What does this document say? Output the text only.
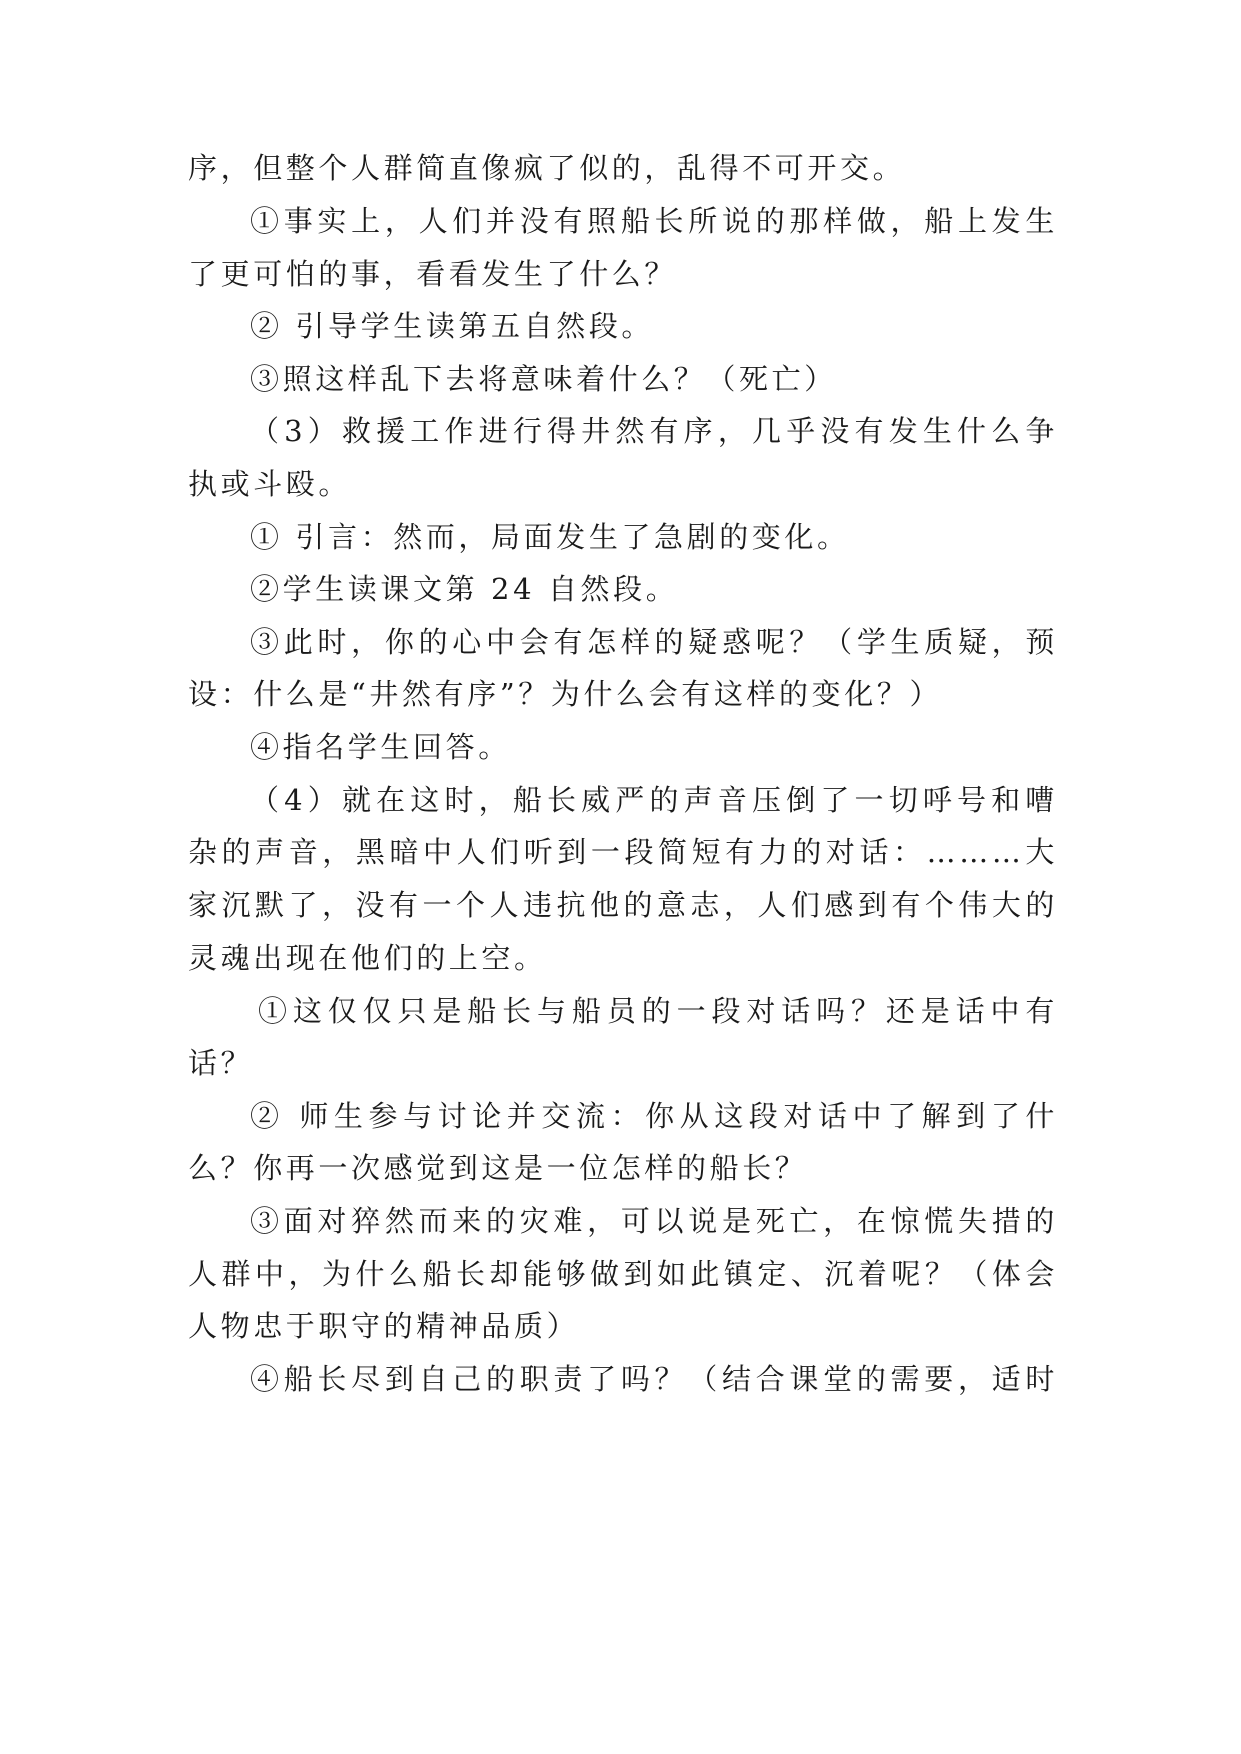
序，但整个人群简直像疯了似的，乱得不可开交。
①事实上，人们并没有照船长所说的那样做，船上发生
了更可怕的事，看看发生了什么？
② 引导学生读第五自然段。
③照这样乱下去将意味着什么？（死亡）
（3）救援工作进行得井然有序，几乎没有发生什么争
执或斗殴。
① 引言：然而，局面发生了急剧的变化。
②学生读课文第 24 自然段。
③此时，你的心中会有怎样的疑惑呢？（学生质疑，预
设：什么是“井然有序”？为什么会有这样的变化？）
④指名学生回答。
（4）就在这时，船长威严的声音压倒了一切呼号和嘈
杂的声音，黑暗中人们听到一段简短有力的对话：………大
家沉默了，没有一个人违抗他的意志，人们感到有个伟大的
灵魂出现在他们的上空。
①这仅仅只是船长与船员的一段对话吗？还是话中有
话？
② 师生参与讨论并交流：你从这段对话中了解到了什
么？你再一次感觉到这是一位怎样的船长？
③面对猝然而来的灾难，可以说是死亡，在惊慌失措的
人群中，为什么船长却能够做到如此镇定、沉着呢？（体会
人物忠于职守的精神品质）
④船长尽到自己的职责了吗？（结合课堂的需要，适时
